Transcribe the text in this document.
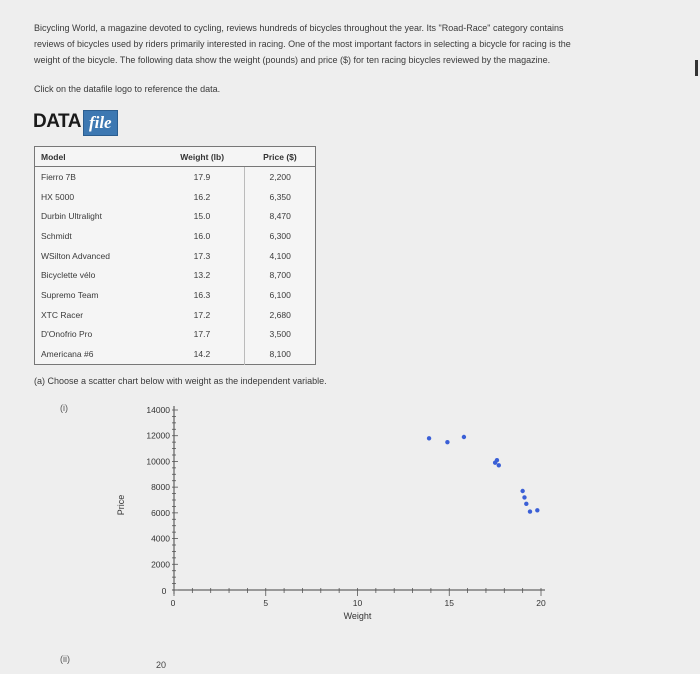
Bicycling World, a magazine devoted to cycling, reviews hundreds of bicycles throughout the year. Its "Road-Race" category contains

reviews of bicycles used by riders primarily interested in racing. One of the most important factors in selecting a bicycle for racing is the

weight of the bicycle. The following data show the weight (pounds) and price ($) for ten racing bicycles reviewed by the magazine.

Click on the datafile logo to reference the data.
DATA file
Model	Weight (lb)	Price ($)
Fierro 7B	17.9	2,200
HX 5000	16.2	6,350
Durbin Ultralight	15.0	8,470
Schmidt	16.0	6,300
WSilton Advanced	17.3	4,100
Bicyclette vélo	13.2	8,700
Supremo Team	16.3	6,100
XTC Racer	17.2	2,680
D'Onofrio Pro	17.7	3,500
Americana #6	14.2	8,100
(a) Choose a scatter chart below with weight as the independent variable.
(i)
2000
4000
6000
8000
10000
12000
14000
0
0	5	10	15	20
Weight
Price
(ii)
20
